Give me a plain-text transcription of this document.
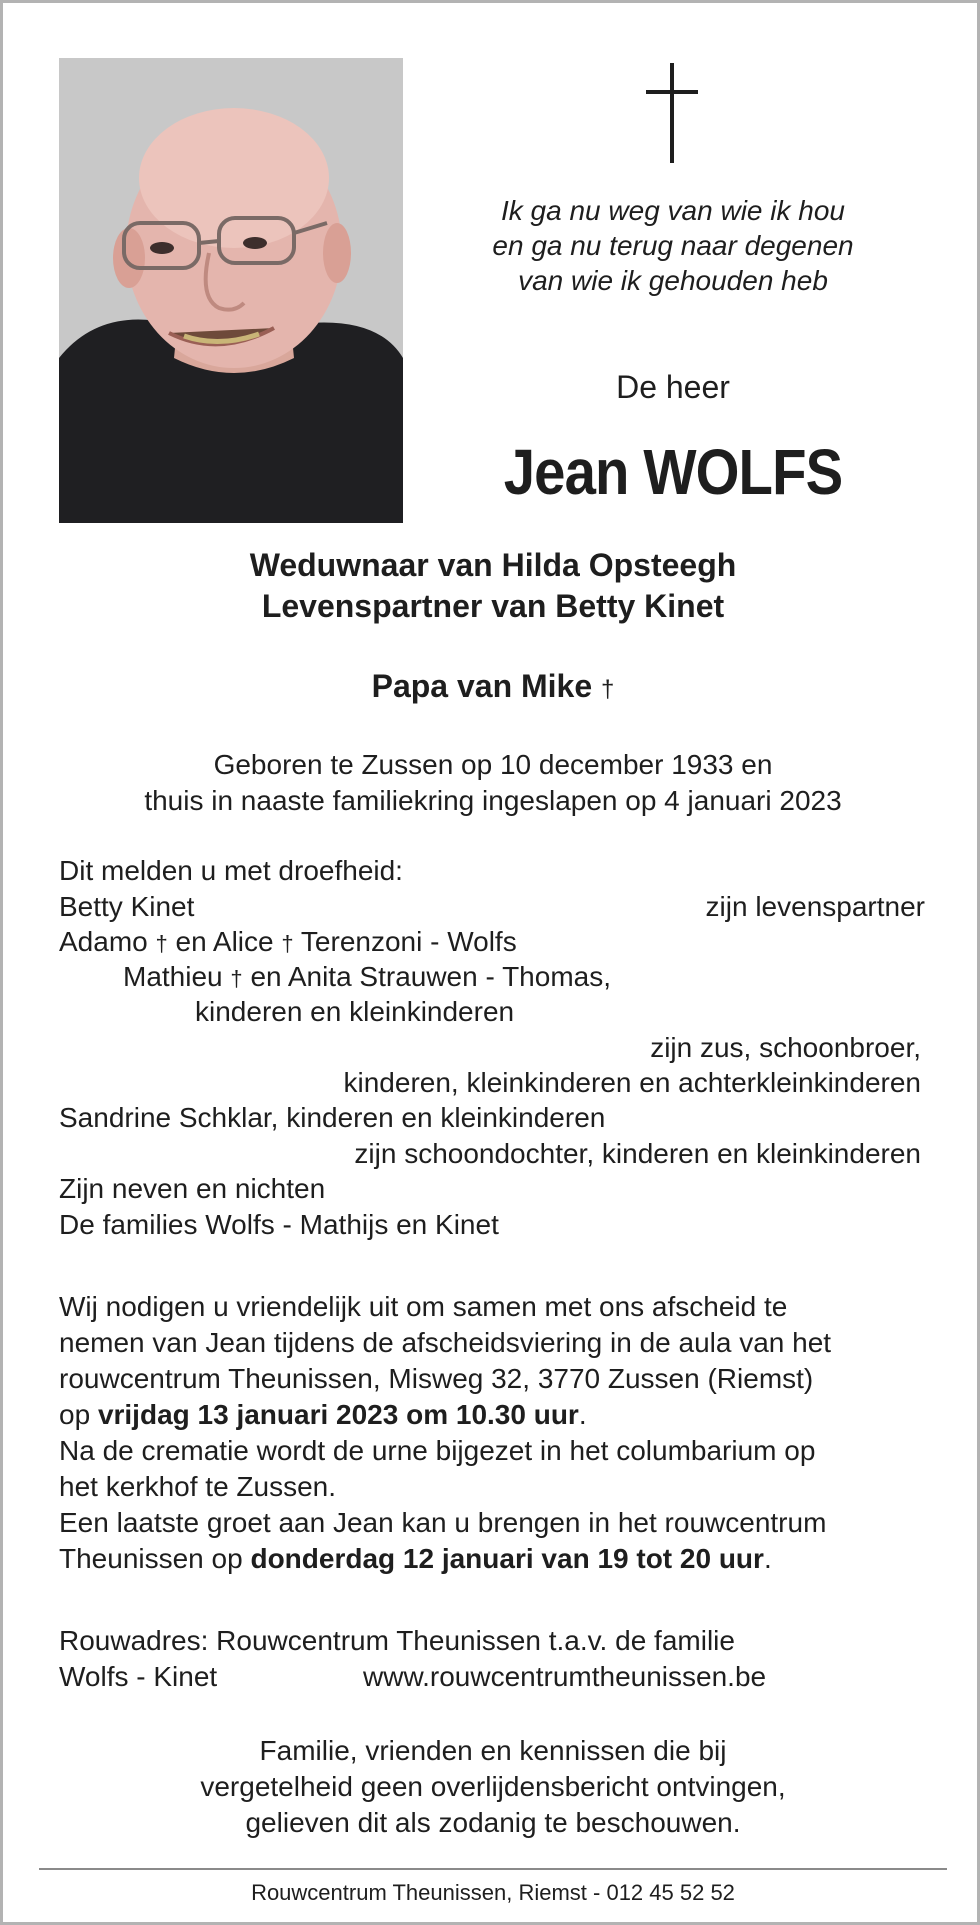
Ik ga nu weg van wie ik hou
en ga nu terug naar degenen
van wie ik gehouden heb
De heer
Jean WOLFS
Weduwnaar van Hilda Opsteegh
Levenspartner van Betty Kinet
Papa van Mike †
Geboren te Zussen op 10 december 1933 en
thuis in naaste familiekring ingeslapen op 4 januari 2023
Dit melden u met droefheid:
Betty Kinet	zijn levenspartner
Adamo † en Alice † Terenzoni - Wolfs
Mathieu † en Anita Strauwen - Thomas,
kinderen en kleinkinderen
zijn zus, schoonbroer,
kinderen, kleinkinderen en achterkleinkinderen
Sandrine Schklar, kinderen en kleinkinderen
zijn schoondochter, kinderen en kleinkinderen
Zijn neven en nichten
De families Wolfs - Mathijs en Kinet
Wij nodigen u vriendelijk uit om samen met ons afscheid te
nemen van Jean tijdens de afscheidsviering in de aula van het
rouwcentrum Theunissen, Misweg 32, 3770 Zussen (Riemst)
op vrijdag 13 januari 2023 om 10.30 uur.
Na de crematie wordt de urne bijgezet in het columbarium op
het kerkhof te Zussen.
Een laatste groet aan Jean kan u brengen in het rouwcentrum
Theunissen op donderdag 12 januari van 19 tot 20 uur.
Rouwadres: Rouwcentrum Theunissen t.a.v. de familie
Wolfs - Kinet	www.rouwcentrumtheunissen.be
Familie, vrienden en kennissen die bij
vergetelheid geen overlijdensbericht ontvingen,
gelieven dit als zodanig te beschouwen.
Rouwcentrum Theunissen, Riemst - 012 45 52 52
